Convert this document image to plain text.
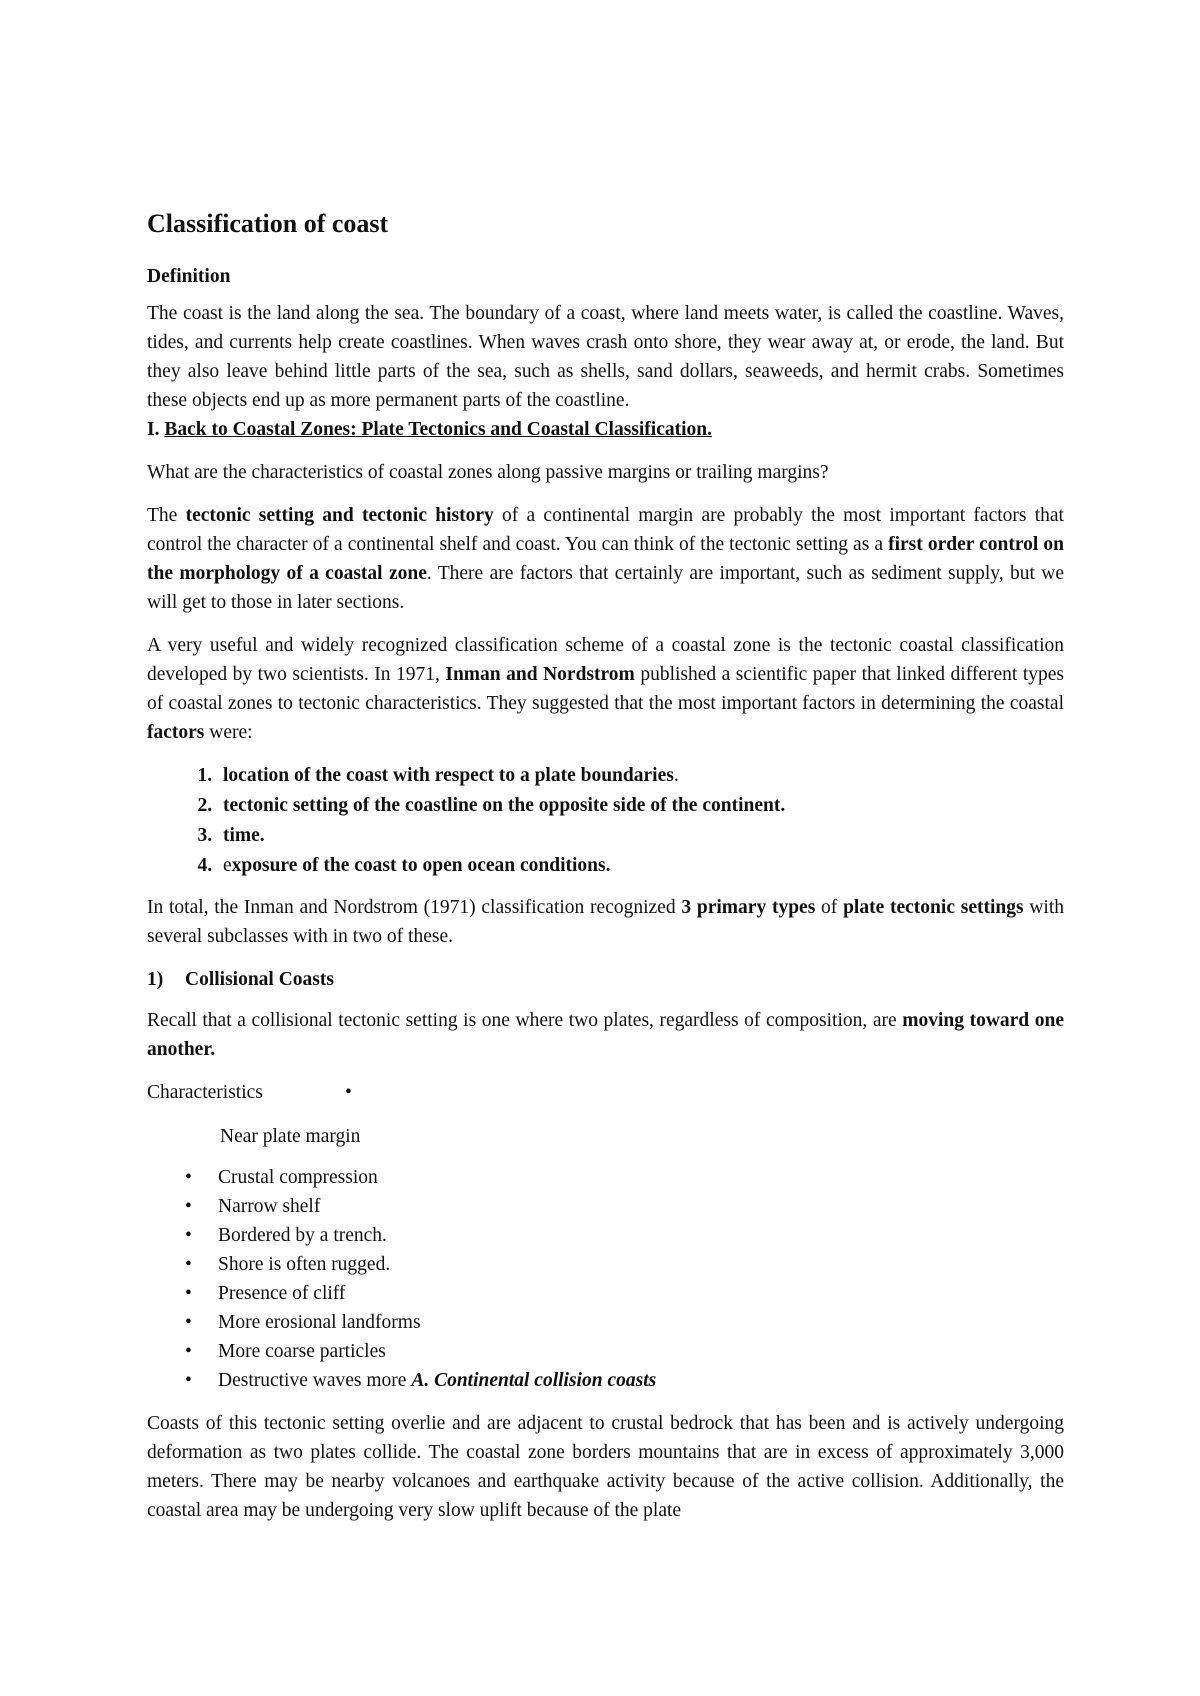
Classification of coast
Definition

The coast is the land along the sea. The boundary of a coast, where land meets water, is called the coastline. Waves, tides, and currents help create coastlines. When waves crash onto shore, they wear away at, or erode, the land. But they also leave behind little parts of the sea, such as shells, sand dollars, seaweeds, and hermit crabs. Sometimes these objects end up as more permanent parts of the coastline.

I. Back to Coastal Zones: Plate Tectonics and Coastal Classification.

What are the characteristics of coastal zones along passive margins or trailing margins?

The tectonic setting and tectonic history of a continental margin are probably the most important factors that control the character of a continental shelf and coast. You can think of the tectonic setting as a first order control on the morphology of a coastal zone. There are factors that certainly are important, such as sediment supply, but we will get to those in later sections.

A very useful and widely recognized classification scheme of a coastal zone is the tectonic coastal classification developed by two scientists. In 1971, Inman and Nordstrom published a scientific paper that linked different types of coastal zones to tectonic characteristics. They suggested that the most important factors in determining the coastal factors were:

1. location of the coast with respect to a plate boundaries.
2. tectonic setting of the coastline on the opposite side of the continent.
3. time.
4. exposure of the coast to open ocean conditions.

In total, the Inman and Nordstrom (1971) classification recognized 3 primary types of plate tectonic settings with several subclasses with in two of these.

1) Collisional Coasts

Recall that a collisional tectonic setting is one where two plates, regardless of composition, are moving toward one another.

Characteristics	•
Near plate margin
• Crustal compression
• Narrow shelf
• Bordered by a trench.
• Shore is often rugged.
• Presence of cliff
• More erosional landforms
• More coarse particles
• Destructive waves more A. Continental collision coasts

Coasts of this tectonic setting overlie and are adjacent to crustal bedrock that has been and is actively undergoing deformation as two plates collide. The coastal zone borders mountains that are in excess of approximately 3,000 meters. There may be nearby volcanoes and earthquake activity because of the active collision. Additionally, the coastal area may be undergoing very slow uplift because of the plate
